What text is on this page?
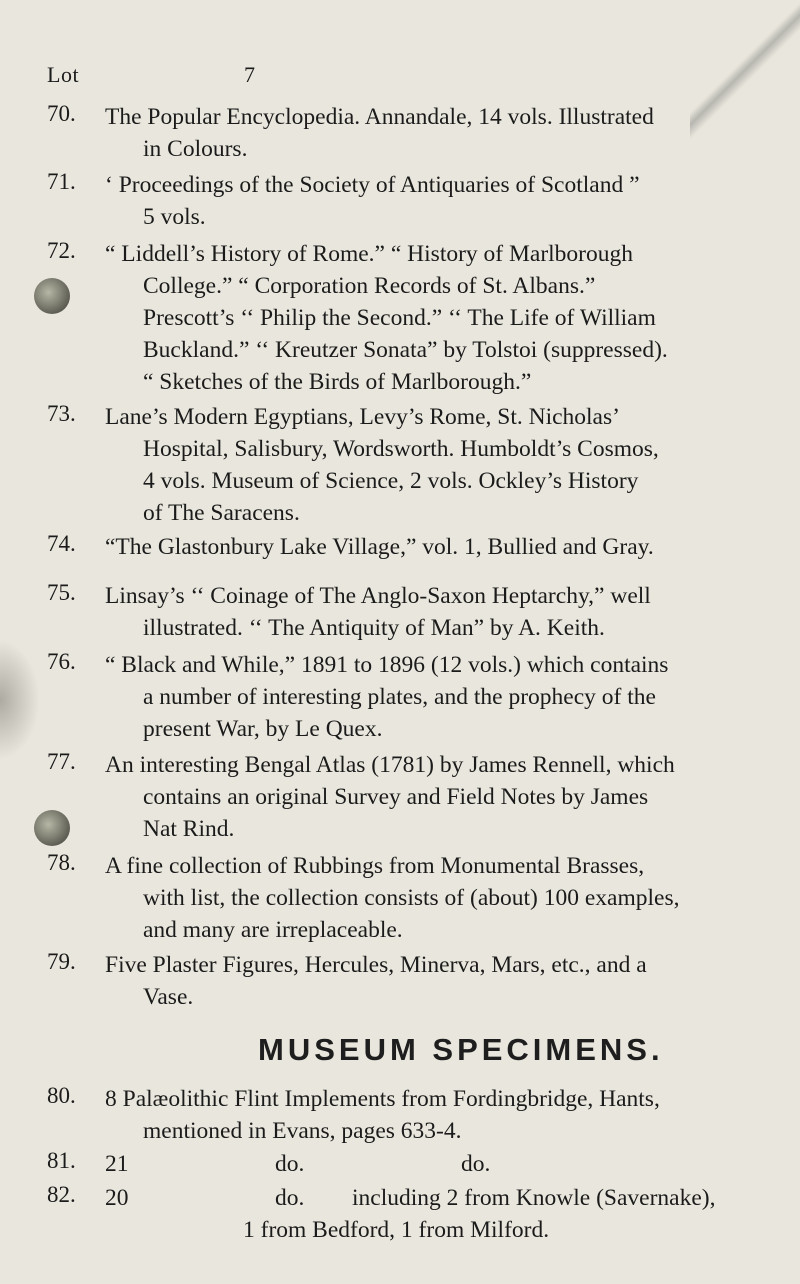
Lot	7
70. The Popular Encyclopedia. Annandale, 14 vols. Illustrated
in Colours.
71. ‘ Proceedings of the Society of Antiquaries of Scotland ”
5 vols.
72. “ Liddell’s History of Rome.” “ History of Marlborough
College.” “ Corporation Records of St. Albans.”
Prescott’s ‘‘ Philip the Second.” ‘‘ The Life of William
Buckland.” ‘‘ Kreutzer Sonata” by Tolstoi (suppressed).
“ Sketches of the Birds of Marlborough.”
73. Lane’s Modern Egyptians, Levy’s Rome, St. Nicholas’
Hospital, Salisbury, Wordsworth. Humboldt’s Cosmos,
4 vols. Museum of Science, 2 vols. Ockley’s History
of The Saracens.
74. “The Glastonbury Lake Village,” vol. 1, Bullied and Gray.
75. Linsay’s ‘‘ Coinage of The Anglo-Saxon Heptarchy,” well
illustrated. ‘‘ The Antiquity of Man” by A. Keith.
76. “ Black and While,” 1891 to 1896 (12 vols.) which contains
a number of interesting plates, and the prophecy of the
present War, by Le Quex.
77. An interesting Bengal Atlas (1781) by James Rennell, which
contains an original Survey and Field Notes by James
Nat Rind.
78. A fine collection of Rubbings from Monumental Brasses,
with list, the collection consists of (about) 100 examples,
and many are irreplaceable.
79. Five Plaster Figures, Hercules, Minerva, Mars, etc., and a
Vase.
MUSEUM SPECIMENS.
80. 8 Palæolithic Flint Implements from Fordingbridge, Hants,
mentioned in Evans, pages 633-4.
81. 21	do.	do.
82. 20	do. including 2 from Knowle (Savernake),
1 from Bedford, 1 from Milford.
